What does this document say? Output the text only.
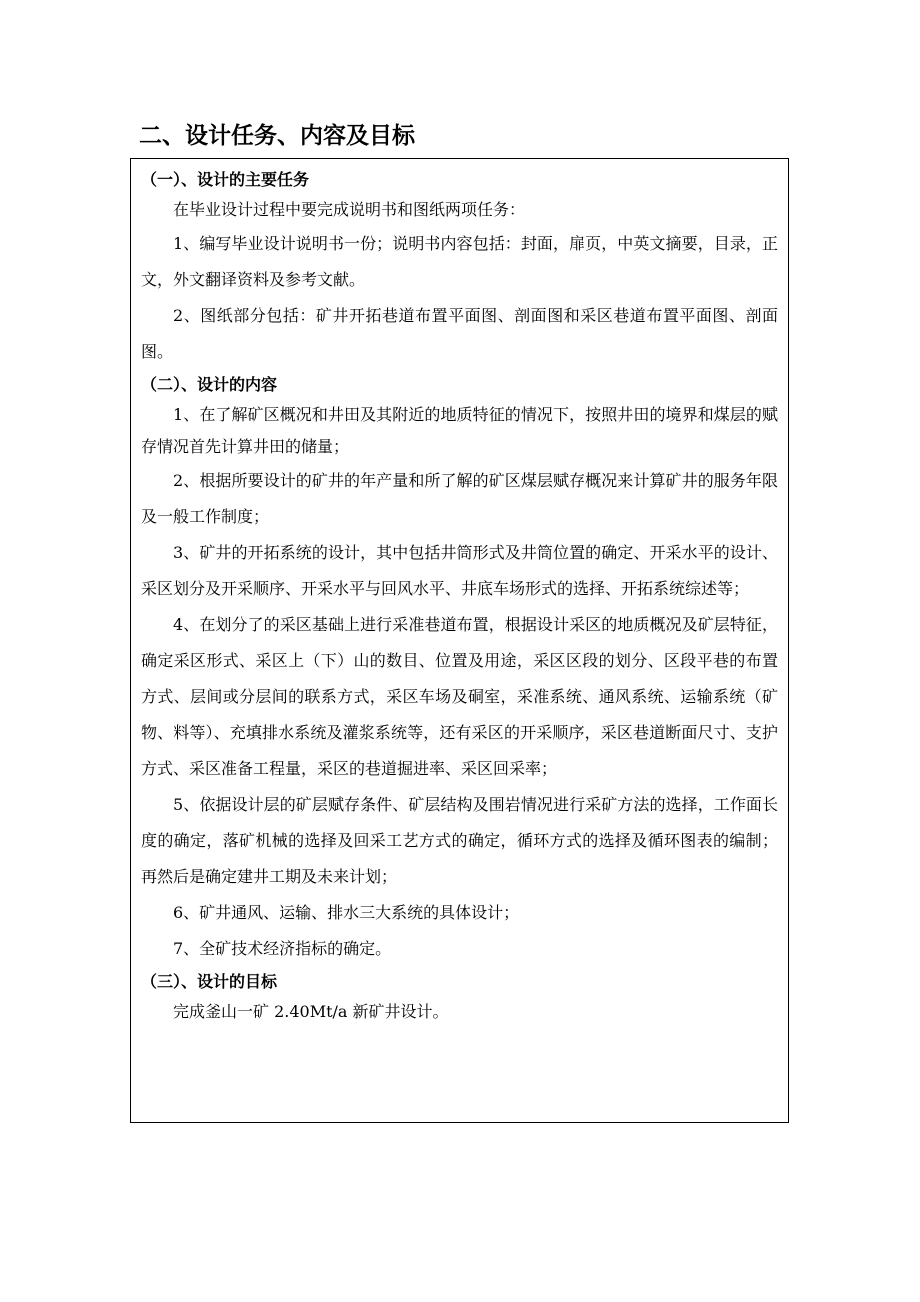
二、设计任务、内容及目标

（一）、设计的主要任务

在毕业设计过程中要完成说明书和图纸两项任务：

1、编写毕业设计说明书一份；说明书内容包括：封面，扉页，中英文摘要，目录，正文，外文翻译资料及参考文献。

2、图纸部分包括：矿井开拓巷道布置平面图、剖面图和采区巷道布置平面图、剖面图。

（二）、设计的内容

1、在了解矿区概况和井田及其附近的地质特征的情况下，按照井田的境界和煤层的赋存情况首先计算井田的储量；

2、根据所要设计的矿井的年产量和所了解的矿区煤层赋存概况来计算矿井的服务年限及一般工作制度；

3、矿井的开拓系统的设计，其中包括井筒形式及井筒位置的确定、开采水平的设计、采区划分及开采顺序、开采水平与回风水平、井底车场形式的选择、开拓系统综述等；

4、在划分了的采区基础上进行采准巷道布置，根据设计采区的地质概况及矿层特征，确定采区形式、采区上（下）山的数目、位置及用途，采区区段的划分、区段平巷的布置方式、层间或分层间的联系方式，采区车场及硐室，采准系统、通风系统、运输系统（矿物、料等）、充填排水系统及灌浆系统等，还有采区的开采顺序，采区巷道断面尺寸、支护方式、采区准备工程量，采区的巷道掘进率、采区回采率；

5、依据设计层的矿层赋存条件、矿层结构及围岩情况进行采矿方法的选择，工作面长度的确定，落矿机械的选择及回采工艺方式的确定，循环方式的选择及循环图表的编制；再然后是确定建井工期及未来计划；

6、矿井通风、运输、排水三大系统的具体设计；

7、全矿技术经济指标的确定。

（三）、设计的目标

完成釜山一矿 2.40Mt/a 新矿井设计。
